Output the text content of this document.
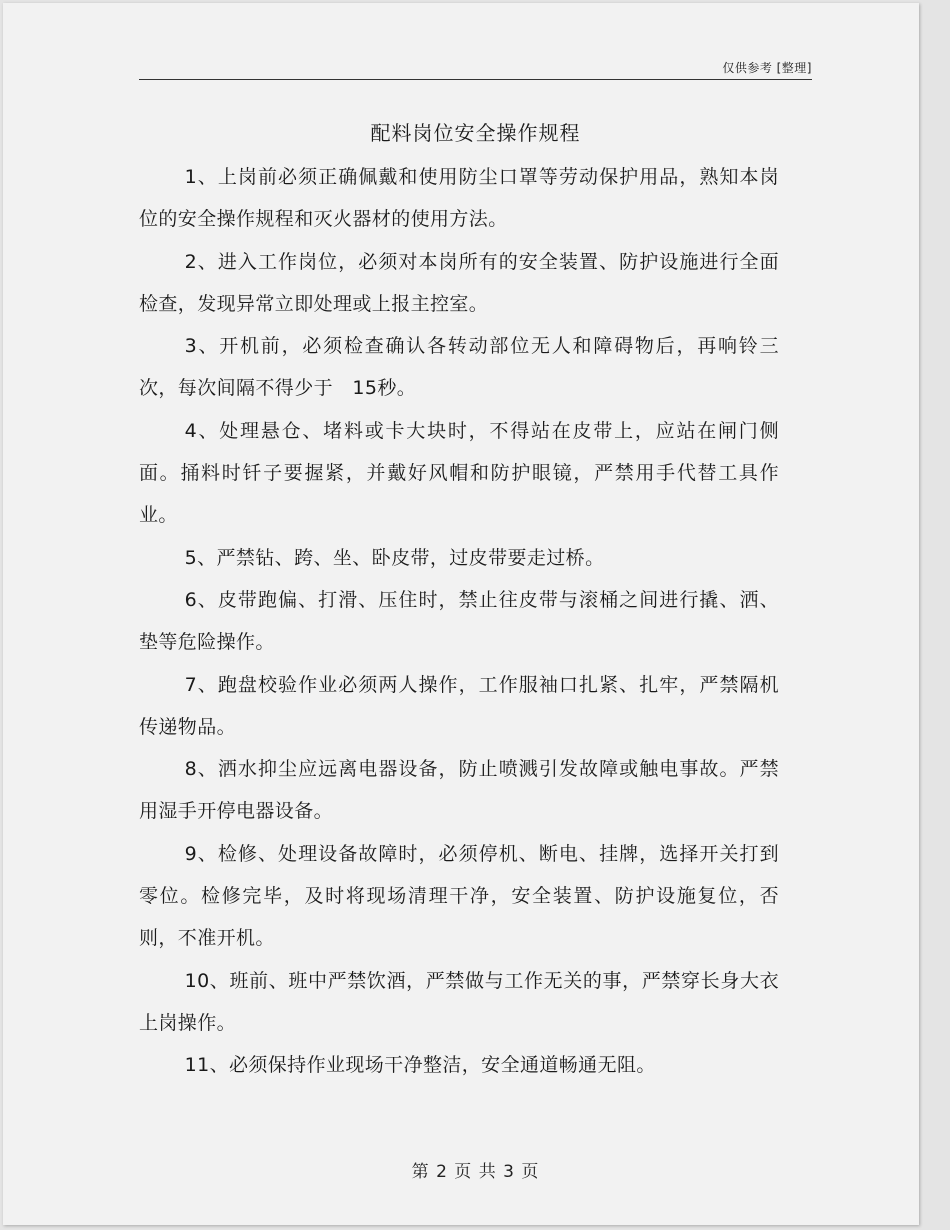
仅供参考 [整理]
配料岗位安全操作规程

1、上岗前必须正确佩戴和使用防尘口罩等劳动保护用品，熟知本岗位的安全操作规程和灭火器材的使用方法。

2、进入工作岗位，必须对本岗所有的安全装置、防护设施进行全面检查，发现异常立即处理或上报主控室。

3、开机前，必须检查确认各转动部位无人和障碍物后，再响铃三次，每次间隔不得少于　15秒。

4、处理悬仓、堵料或卡大块时，不得站在皮带上，应站在闸门侧面。捅料时钎子要握紧，并戴好风帽和防护眼镜，严禁用手代替工具作业。

5、严禁钻、跨、坐、卧皮带，过皮带要走过桥。

6、皮带跑偏、打滑、压住时，禁止往皮带与滚桶之间进行撬、洒、垫等危险操作。

7、跑盘校验作业必须两人操作，工作服袖口扎紧、扎牢，严禁隔机传递物品。

8、洒水抑尘应远离电器设备，防止喷溅引发故障或触电事故。严禁用湿手开停电器设备。

9、检修、处理设备故障时，必须停机、断电、挂牌，选择开关打到零位。检修完毕，及时将现场清理干净，安全装置、防护设施复位，否则，不准开机。

10、班前、班中严禁饮酒，严禁做与工作无关的事，严禁穿长身大衣上岗操作。

11、必须保持作业现场干净整洁，安全通道畅通无阻。

第 2 页 共 3 页
